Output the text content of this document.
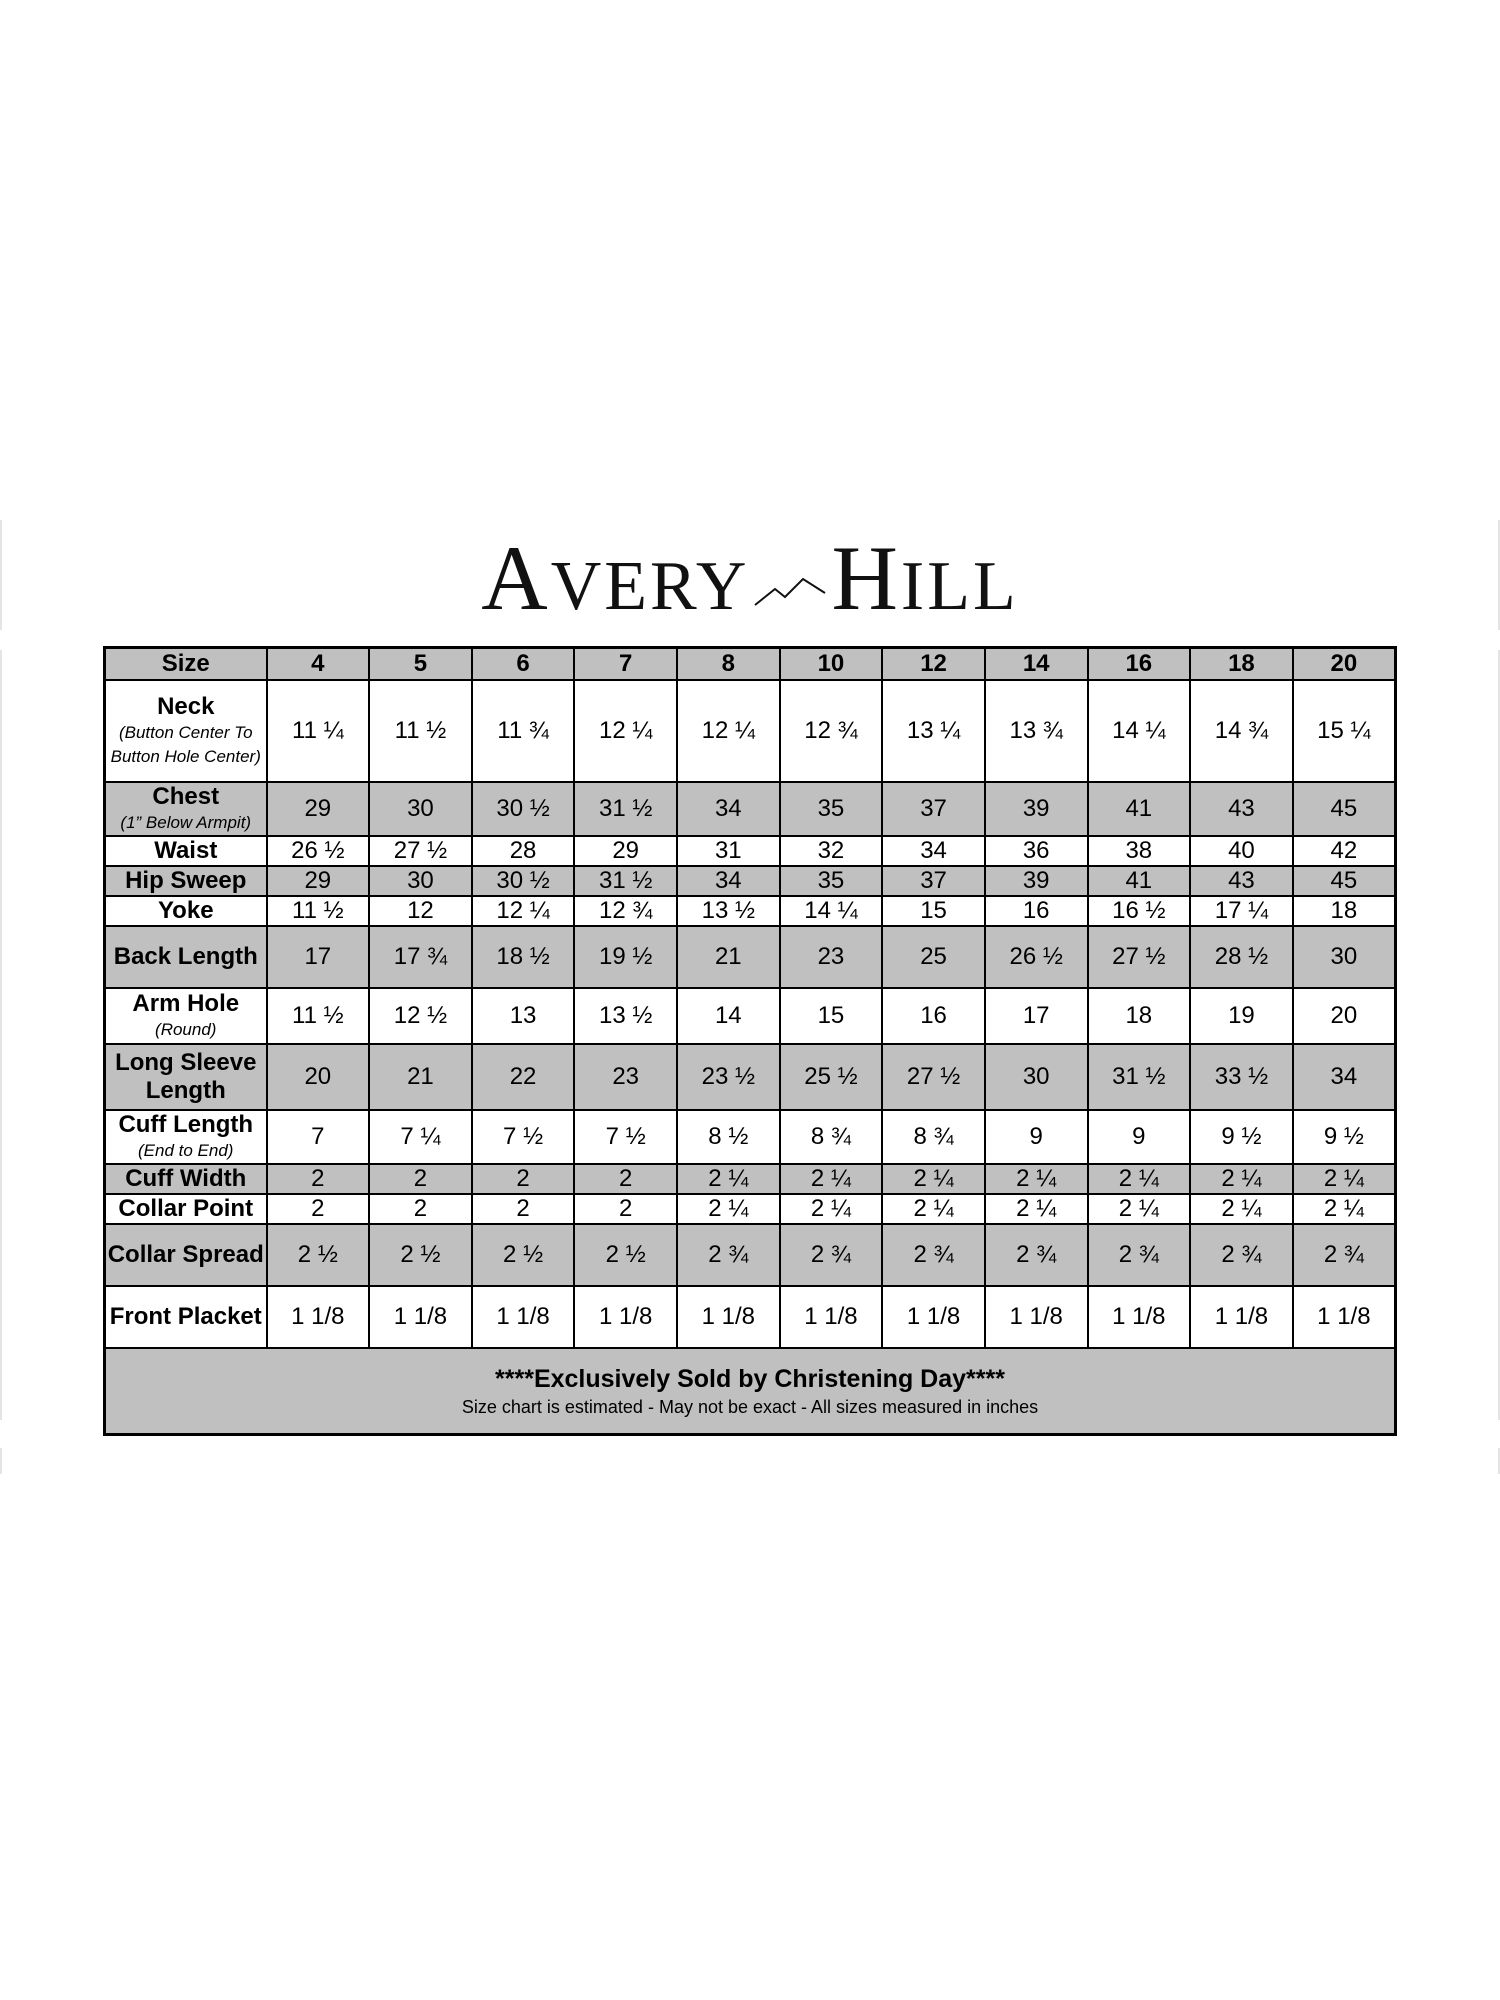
AVERY HILL
Size	4	5	6	7	8	10	12	14	16	18	20

Neck
(Button Center To Button Hole Center)	11 ¼	11 ½	11 ¾	12 ¼	12 ¼	12 ¾	13 ¼	13 ¾	14 ¼	14 ¾	15 ¼

Chest
(1” Below Armpit)	29	30	30 ½	31 ½	34	35	37	39	41	43	45

Waist	26 ½	27 ½	28	29	31	32	34	36	38	40	42

Hip Sweep	29	30	30 ½	31 ½	34	35	37	39	41	43	45

Yoke	11 ½	12	12 ¼	12 ¾	13 ½	14 ¼	15	16	16 ½	17 ¼	18

Back Length	17	17 ¾	18 ½	19 ½	21	23	25	26 ½	27 ½	28 ½	30

Arm Hole
(Round)	11 ½	12 ½	13	13 ½	14	15	16	17	18	19	20

Long Sleeve Length	20	21	22	23	23 ½	25 ½	27 ½	30	31 ½	33 ½	34

Cuff Length
(End to End)	7	7 ¼	7 ½	7 ½	8 ½	8 ¾	8 ¾	9	9	9 ½	9 ½

Cuff Width	2	2	2	2	2 ¼	2 ¼	2 ¼	2 ¼	2 ¼	2 ¼	2 ¼

Collar Point	2	2	2	2	2 ¼	2 ¼	2 ¼	2 ¼	2 ¼	2 ¼	2 ¼

Collar Spread	2 ½	2 ½	2 ½	2 ½	2 ¾	2 ¾	2 ¾	2 ¾	2 ¾	2 ¾	2 ¾

Front Placket	1 1/8	1 1/8	1 1/8	1 1/8	1 1/8	1 1/8	1 1/8	1 1/8	1 1/8	1 1/8	1 1/8

****Exclusively Sold by Christening Day****
Size chart is estimated - May not be exact - All sizes measured in inches											
